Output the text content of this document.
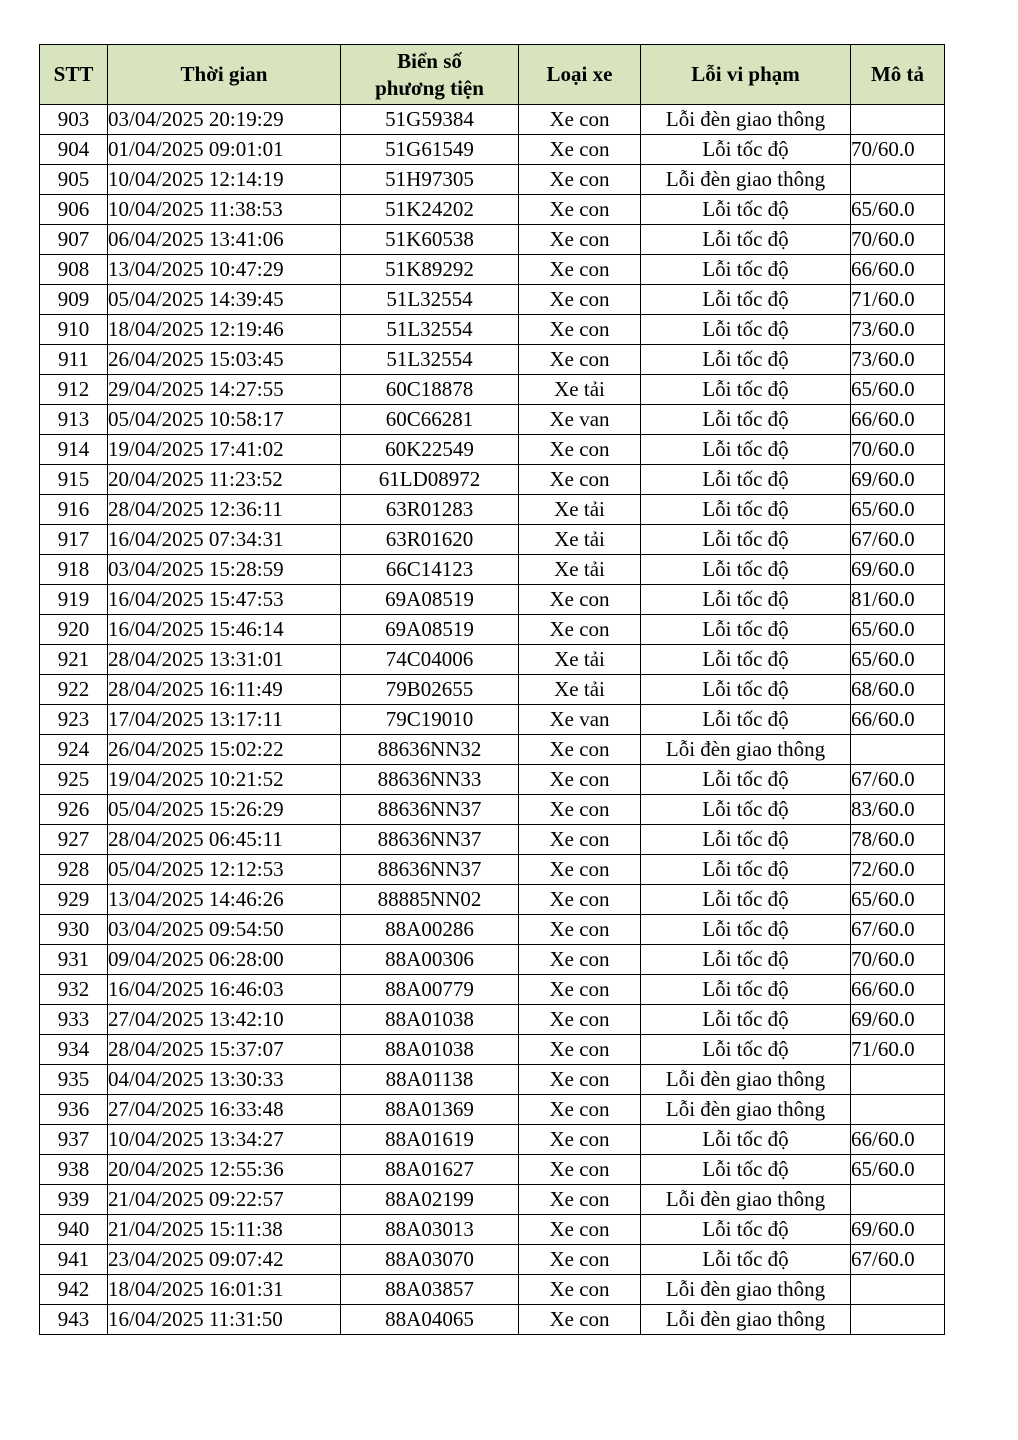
STT	Thời gian	Biển số
phương tiện	Loại xe	Lỗi vi phạm	Mô tả
903	03/04/2025 20:19:29	51G59384	Xe con	Lỗi đèn giao thông	
904	01/04/2025 09:01:01	51G61549	Xe con	Lỗi tốc độ	70/60.0
905	10/04/2025 12:14:19	51H97305	Xe con	Lỗi đèn giao thông	
906	10/04/2025 11:38:53	51K24202	Xe con	Lỗi tốc độ	65/60.0
907	06/04/2025 13:41:06	51K60538	Xe con	Lỗi tốc độ	70/60.0
908	13/04/2025 10:47:29	51K89292	Xe con	Lỗi tốc độ	66/60.0
909	05/04/2025 14:39:45	51L32554	Xe con	Lỗi tốc độ	71/60.0
910	18/04/2025 12:19:46	51L32554	Xe con	Lỗi tốc độ	73/60.0
911	26/04/2025 15:03:45	51L32554	Xe con	Lỗi tốc độ	73/60.0
912	29/04/2025 14:27:55	60C18878	Xe tải	Lỗi tốc độ	65/60.0
913	05/04/2025 10:58:17	60C66281	Xe van	Lỗi tốc độ	66/60.0
914	19/04/2025 17:41:02	60K22549	Xe con	Lỗi tốc độ	70/60.0
915	20/04/2025 11:23:52	61LD08972	Xe con	Lỗi tốc độ	69/60.0
916	28/04/2025 12:36:11	63R01283	Xe tải	Lỗi tốc độ	65/60.0
917	16/04/2025 07:34:31	63R01620	Xe tải	Lỗi tốc độ	67/60.0
918	03/04/2025 15:28:59	66C14123	Xe tải	Lỗi tốc độ	69/60.0
919	16/04/2025 15:47:53	69A08519	Xe con	Lỗi tốc độ	81/60.0
920	16/04/2025 15:46:14	69A08519	Xe con	Lỗi tốc độ	65/60.0
921	28/04/2025 13:31:01	74C04006	Xe tải	Lỗi tốc độ	65/60.0
922	28/04/2025 16:11:49	79B02655	Xe tải	Lỗi tốc độ	68/60.0
923	17/04/2025 13:17:11	79C19010	Xe van	Lỗi tốc độ	66/60.0
924	26/04/2025 15:02:22	88636NN32	Xe con	Lỗi đèn giao thông	
925	19/04/2025 10:21:52	88636NN33	Xe con	Lỗi tốc độ	67/60.0
926	05/04/2025 15:26:29	88636NN37	Xe con	Lỗi tốc độ	83/60.0
927	28/04/2025 06:45:11	88636NN37	Xe con	Lỗi tốc độ	78/60.0
928	05/04/2025 12:12:53	88636NN37	Xe con	Lỗi tốc độ	72/60.0
929	13/04/2025 14:46:26	88885NN02	Xe con	Lỗi tốc độ	65/60.0
930	03/04/2025 09:54:50	88A00286	Xe con	Lỗi tốc độ	67/60.0
931	09/04/2025 06:28:00	88A00306	Xe con	Lỗi tốc độ	70/60.0
932	16/04/2025 16:46:03	88A00779	Xe con	Lỗi tốc độ	66/60.0
933	27/04/2025 13:42:10	88A01038	Xe con	Lỗi tốc độ	69/60.0
934	28/04/2025 15:37:07	88A01038	Xe con	Lỗi tốc độ	71/60.0
935	04/04/2025 13:30:33	88A01138	Xe con	Lỗi đèn giao thông	
936	27/04/2025 16:33:48	88A01369	Xe con	Lỗi đèn giao thông	
937	10/04/2025 13:34:27	88A01619	Xe con	Lỗi tốc độ	66/60.0
938	20/04/2025 12:55:36	88A01627	Xe con	Lỗi tốc độ	65/60.0
939	21/04/2025 09:22:57	88A02199	Xe con	Lỗi đèn giao thông	
940	21/04/2025 15:11:38	88A03013	Xe con	Lỗi tốc độ	69/60.0
941	23/04/2025 09:07:42	88A03070	Xe con	Lỗi tốc độ	67/60.0
942	18/04/2025 16:01:31	88A03857	Xe con	Lỗi đèn giao thông	
943	16/04/2025 11:31:50	88A04065	Xe con	Lỗi đèn giao thông	
